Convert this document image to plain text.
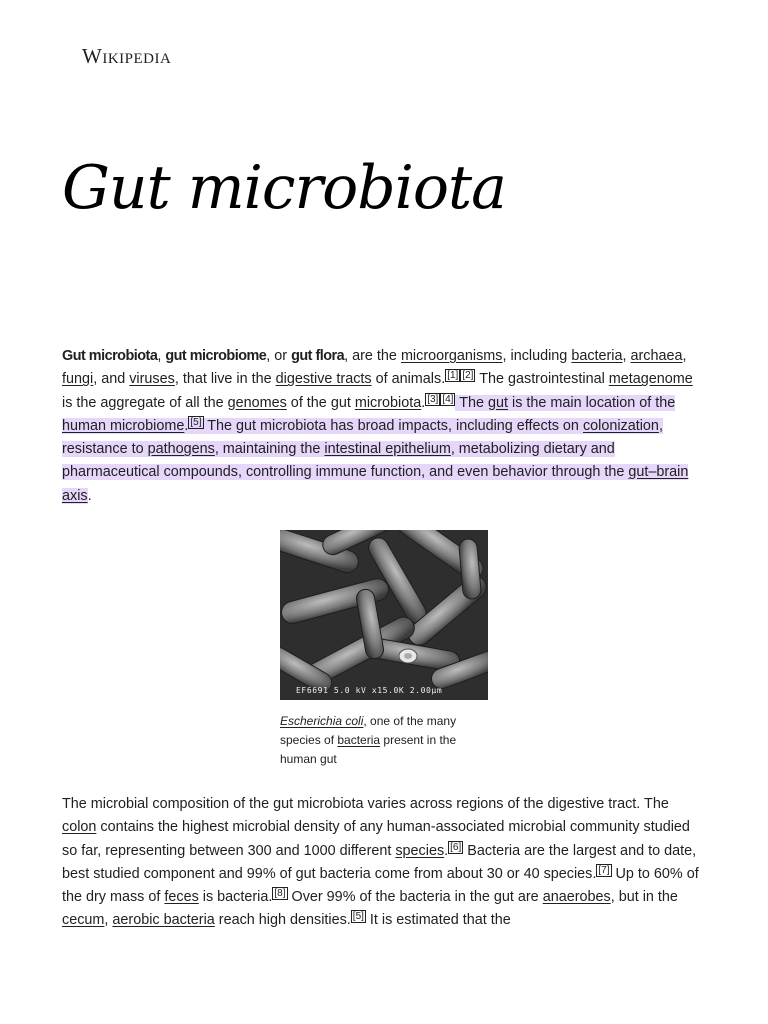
Wikipedia
Gut microbiota

Gut microbiota, gut microbiome, or gut flora, are the microorganisms, including bacteria, archaea, fungi, and viruses, that live in the digestive tracts of animals. [1] [2] The gastrointestinal metagenome is the aggregate of all the genomes of the gut microbiota. [3] [4] The gut is the main location of the human microbiome. [5] The gut microbiota has broad impacts, including effects on colonization, resistance to pathogens, maintaining the intestinal epithelium, metabolizing dietary and pharmaceutical compounds, controlling immune function, and even behavior through the gut–brain axis.

EF6691 5.0 kV x15.0K 2.00µm
Escherichia coli, one of the many species of bacteria present in the human gut

The microbial composition of the gut microbiota varies across regions of the digestive tract. The colon contains the highest microbial density of any human-associated microbial community studied so far, representing between 300 and 1000 different species. [6] Bacteria are the largest and to date, best studied component and 99% of gut bacteria come from about 30 or 40 species. [7] Up to 60% of the dry mass of feces is bacteria. [8] Over 99% of the bacteria in the gut are anaerobes, but in the cecum, aerobic bacteria reach high densities. [5] It is estimated that the
